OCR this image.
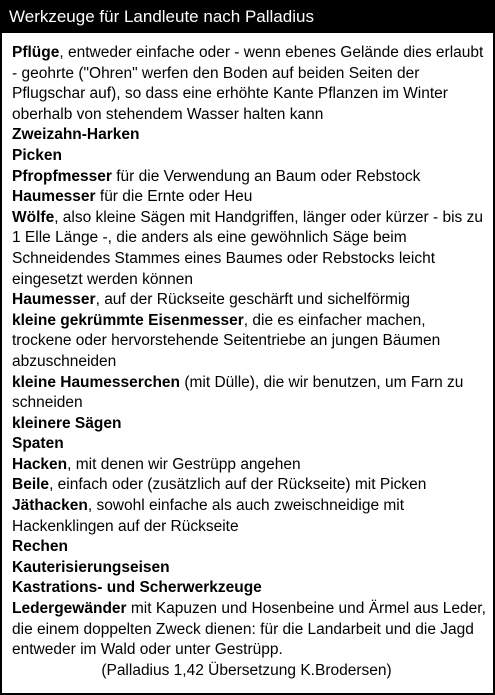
Werkzeuge für Landleute nach Palladius

Pflüge, entweder einfache oder - wenn ebenes Gelände dies erlaubt - geohrte ("Ohren" werfen den Boden auf beiden Seiten der Pflugschar auf), so dass eine erhöhte Kante Pflanzen im Winter oberhalb von stehendem Wasser halten kann

Zweizahn-Harken

Picken

Pfropfmesser für die Verwendung an Baum oder Rebstock

Haumesser für die Ernte oder Heu

Wölfe, also kleine Sägen mit Handgriffen, länger oder kürzer - bis zu 1 Elle Länge -, die anders als eine gewöhnlich Säge beim Schneidendes Stammes eines Baumes oder Rebstocks leicht eingesetzt werden können

Haumesser, auf der Rückseite geschärft und sichelförmig

kleine gekrümmte Eisenmesser, die es einfacher machen, trockene oder hervorstehende Seitentriebe an jungen Bäumen abzuschneiden

kleine Haumesserchen (mit Dülle), die wir benutzen, um Farn zu schneiden

kleinere Sägen

Spaten

Hacken, mit denen wir Gestrüpp angehen

Beile, einfach oder (zusätzlich auf der Rückseite) mit Picken

Jäthacken, sowohl einfache als auch zweischneidige mit Hackenklingen auf der Rückseite

Rechen

Kauterisierungseisen

Kastrations- und Scherwerkzeuge

Ledergewänder mit Kapuzen und Hosenbeine und Ärmel aus Leder, die einem doppelten Zweck dienen: für die Landarbeit und die Jagd entweder im Wald oder unter Gestrüpp.

(Palladius 1,42 Übersetzung K.Brodersen)
